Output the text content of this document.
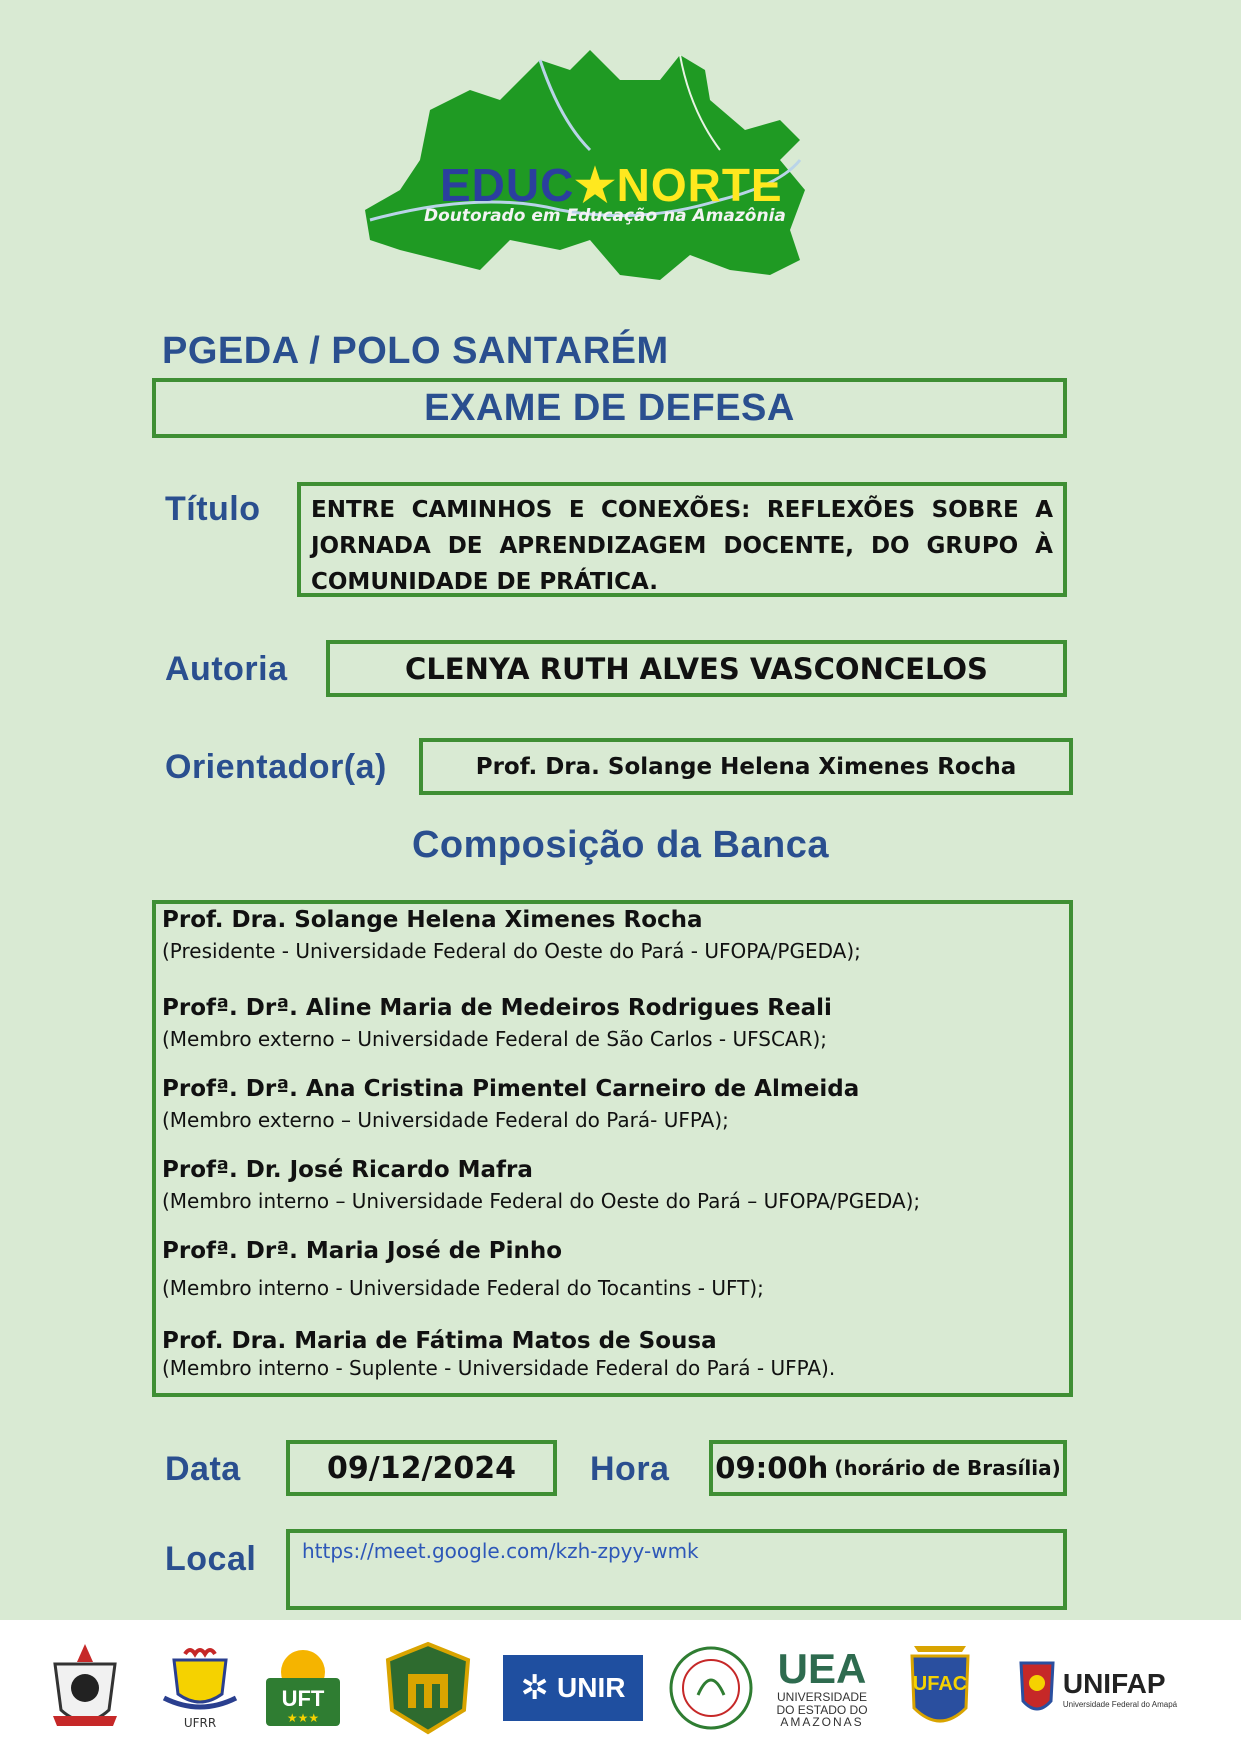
EDUC★NORTE
Doutorado em Educação na Amazônia
PGEDA / POLO SANTARÉM
EXAME DE DEFESA
Título ENTRE CAMINHOS E CONEXÕES: REFLEXÕES SOBRE A JORNADA DE APRENDIZAGEM DOCENTE, DO GRUPO À COMUNIDADE DE PRÁTICA.
Autoria	CLENYA RUTH ALVES VASCONCELOS
Orientador(a)	Prof. Dra. Solange Helena Ximenes Rocha
Composição da Banca
Prof. Dra. Solange Helena Ximenes Rocha
(Presidente - Universidade Federal do Oeste do Pará - UFOPA/PGEDA);
Profª. Drª. Aline Maria de Medeiros Rodrigues Reali
(Membro externo – Universidade Federal de São Carlos - UFSCAR);
Profª. Drª. Ana Cristina Pimentel Carneiro de Almeida
(Membro externo – Universidade Federal do Pará- UFPA);
Profª. Dr. José Ricardo Mafra
(Membro interno – Universidade Federal do Oeste do Pará – UFOPA/PGEDA);
Profª. Drª. Maria José de Pinho
(Membro interno - Universidade Federal do Tocantins - UFT);
Prof. Dra. Maria de Fátima Matos de Sousa
(Membro interno - Suplente - Universidade Federal do Pará - UFPA).
Data	09/12/2024 Hora 09:00h (horário de Brasília)
Local	https://meet.google.com/kzh-zpyy-wmk
UFRR
UFT
★★★
✲ UNIR	UEA
UNIVERSIDADE
DO ESTADO DO
AMAZONAS
UFAC	UNIFAP
Universidade Federal do Amapá
